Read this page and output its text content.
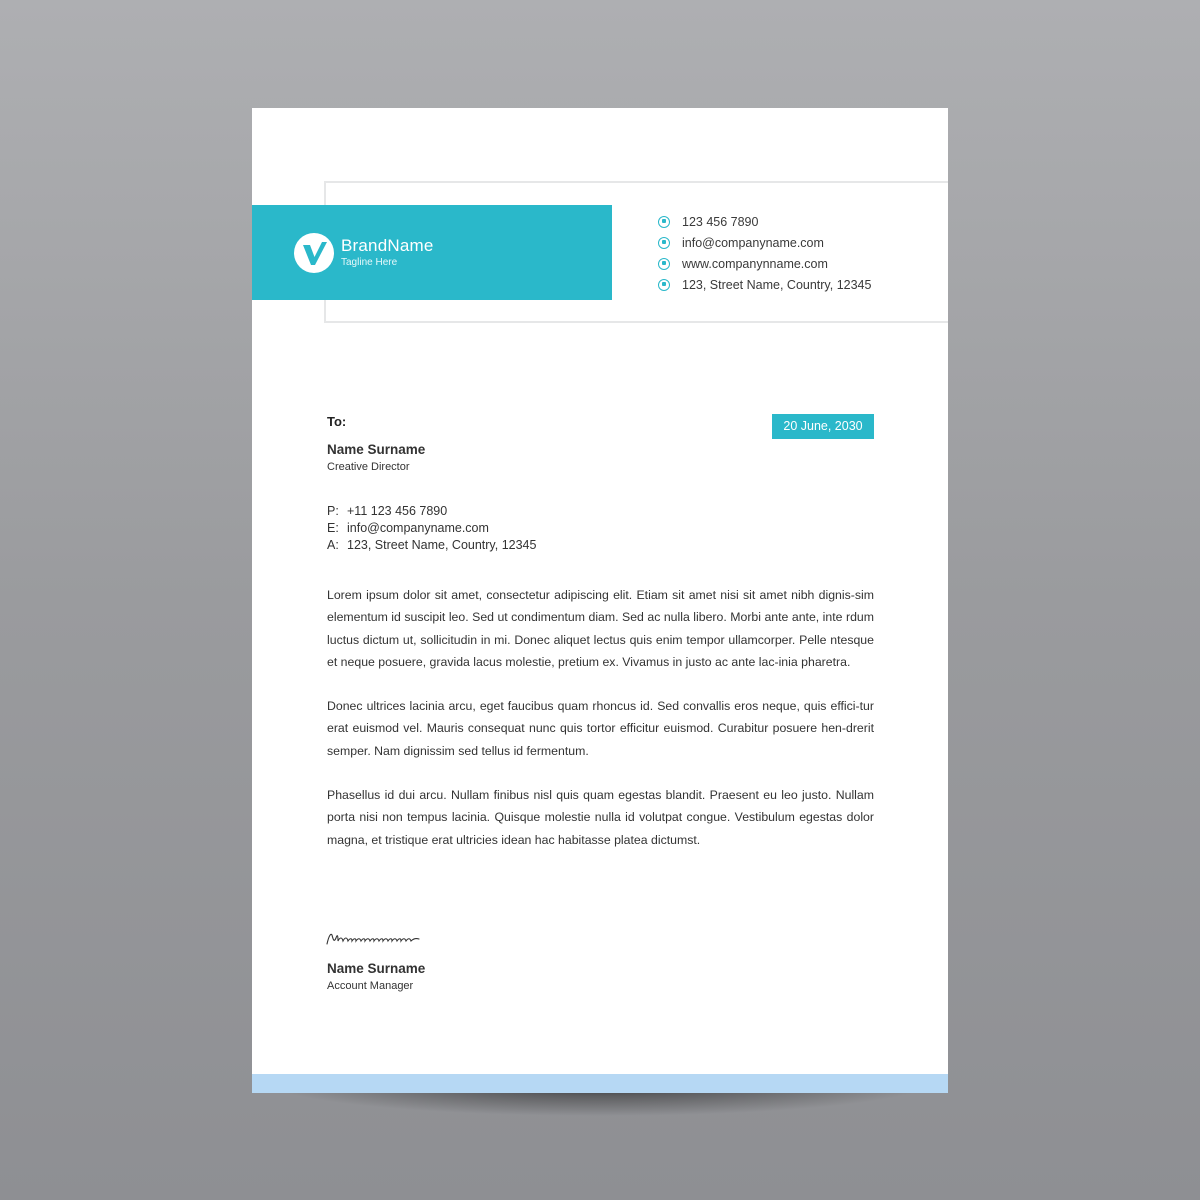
BrandName
Tagline Here
123 456 7890
info@companyname.com
www.companynname.com
123, Street Name, Country, 12345
To:	20 June, 2030
Name Surname
Creative Director
P: +11 123 456 7890
E: info@companyname.com
A: 123, Street Name, Country, 12345

Lorem ipsum dolor sit amet, consectetur adipiscing elit. Etiam sit amet nisi sit amet nibh dignis-sim elementum id suscipit leo. Sed ut condimentum diam. Sed ac nulla libero. Morbi ante ante, inte rdum luctus dictum ut, sollicitudin in mi. Donec aliquet lectus quis enim tempor ullamcorper. Pelle ntesque et neque posuere, gravida lacus molestie, pretium ex. Vivamus in justo ac ante lac-inia pharetra.

Donec ultrices lacinia arcu, eget faucibus quam rhoncus id. Sed convallis eros neque, quis effici-tur erat euismod vel. Mauris consequat nunc quis tortor efficitur euismod. Curabitur posuere hen-drerit semper. Nam dignissim sed tellus id fermentum.

Phasellus id dui arcu. Nullam finibus nisl quis quam egestas blandit. Praesent eu leo justo. Nullam porta nisi non tempus lacinia. Quisque molestie nulla id volutpat congue. Vestibulum egestas dolor magna, et tristique erat ultricies idean hac habitasse platea dictumst.

Name Surname
Account Manager
